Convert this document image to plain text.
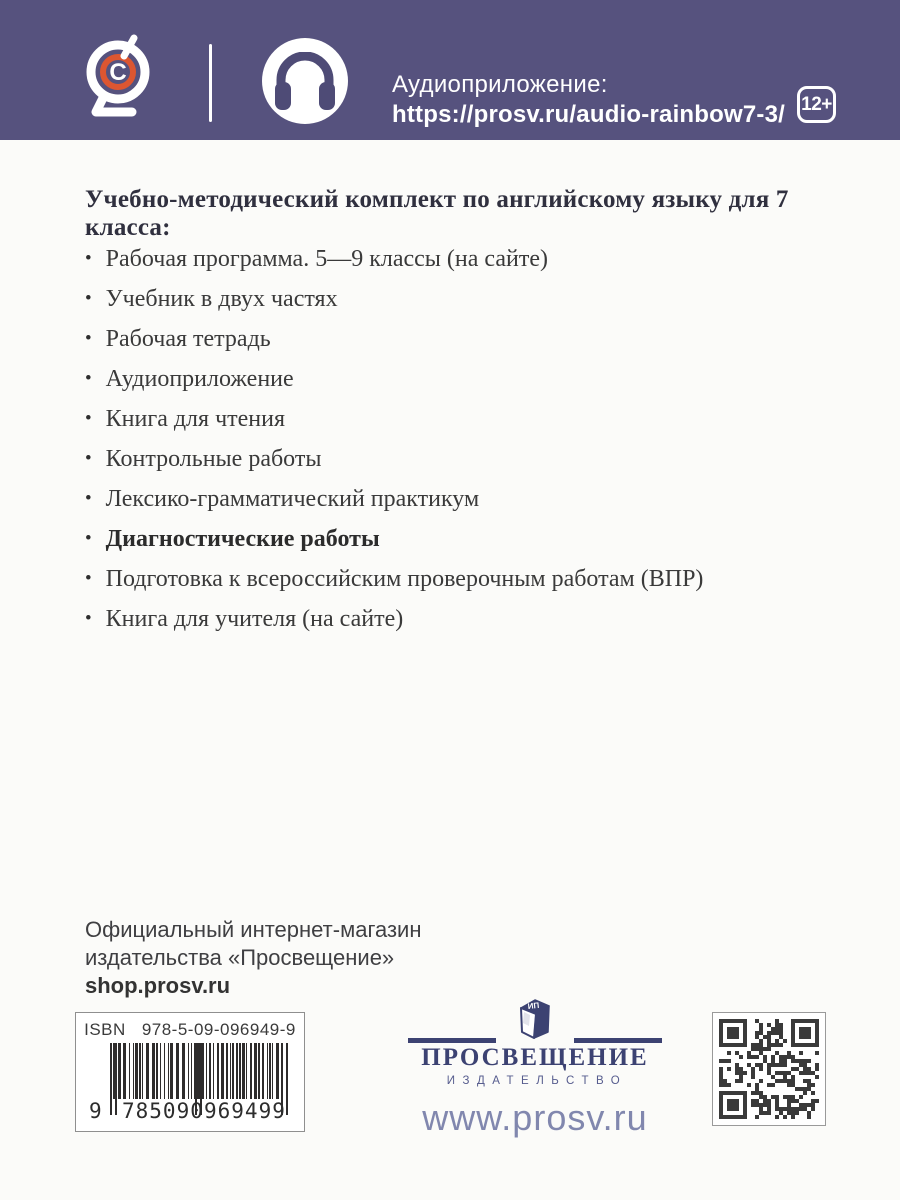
C	Аудиоприложение:
https://prosv.ru/audio-rainbow7-3/ 12+
Учебно-методический комплект по английскому языку для 7 класса:
• Рабочая программа. 5—9 классы (на сайте)
• Учебник в двух частях
• Рабочая тетрадь
• Аудиоприложение
• Книга для чтения
• Контрольные работы
• Лексико-грамматический практикум
• Диагностические работы
• Подготовка к всероссийским проверочным работам (ВПР)
• Книга для учителя (на сайте)
Официальный интернет-магазин
издательства «Просвещение»
shop.prosv.ru
ISBN 978-5-09-096949-9
9 785090 969499
ИП
ПРОСВЕЩЕНИЕ
ИЗДАТЕЛЬСТВО
www.prosv.ru
